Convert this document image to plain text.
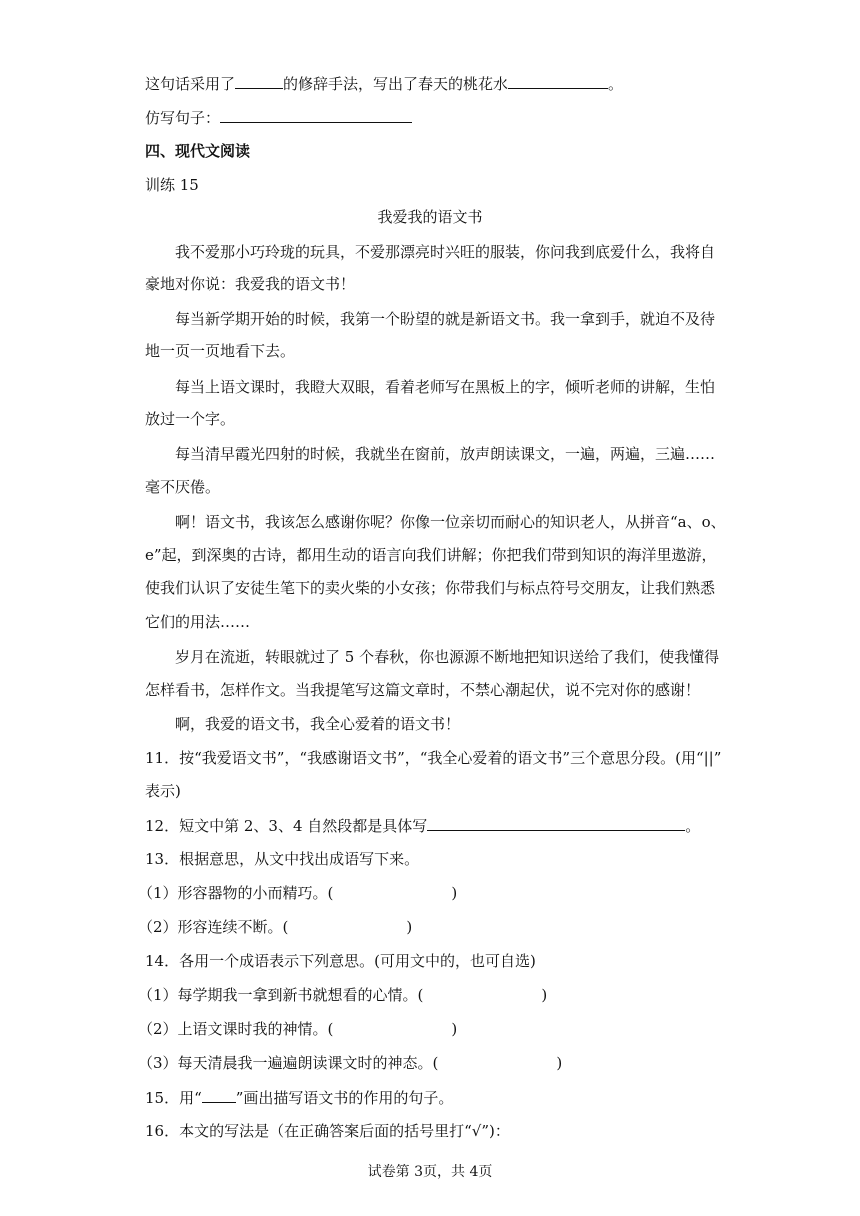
这句话采用了	的修辞手法，写出了春天的桃花水	。
仿写句子：
四、现代文阅读
训练 15
我爱我的语文书
我不爱那小巧玲珑的玩具，不爱那漂亮时兴旺的服装，你问我到底爱什么，我将自
豪地对你说：我爱我的语文书！
每当新学期开始的时候，我第一个盼望的就是新语文书。我一拿到手，就迫不及待
地一页一页地看下去。
每当上语文课时，我瞪大双眼，看着老师写在黑板上的字，倾听老师的讲解，生怕
放过一个字。
每当清早霞光四射的时候，我就坐在窗前，放声朗读课文，一遍，两遍，三遍……
毫不厌倦。
啊！语文书，我该怎么感谢你呢？你像一位亲切而耐心的知识老人，从拼音“a、o、
e”起，到深奥的古诗，都用生动的语言向我们讲解；你把我们带到知识的海洋里遨游，
使我们认识了安徒生笔下的卖火柴的小女孩；你带我们与标点符号交朋友，让我们熟悉
它们的用法……
岁月在流逝，转眼就过了 5 个春秋，你也源源不断地把知识送给了我们，使我懂得
怎样看书，怎样作文。当我提笔写这篇文章时，不禁心潮起伏，说不完对你的感谢！
啊，我爱的语文书，我全心爱着的语文书！
11．按“我爱语文书”，“我感谢语文书”，“我全心爱着的语文书”三个意思分段。(用“||”
表示)
12．短文中第 2、3、4 自然段都是具体写	。
13．根据意思，从文中找出成语写下来。
（1）形容器物的小而精巧。(	)
（2）形容连续不断。(	)
14．各用一个成语表示下列意思。(可用文中的，也可自选)
（1）每学期我一拿到新书就想看的心情。(	)
（2）上语文课时我的神情。(	)
（3）每天清晨我一遍遍朗读课文时的神态。(	)
15．用“ ”画出描写语文书的作用的句子。
16．本文的写法是（在正确答案后面的括号里打“√”)：
试卷第 3页，共 4页
